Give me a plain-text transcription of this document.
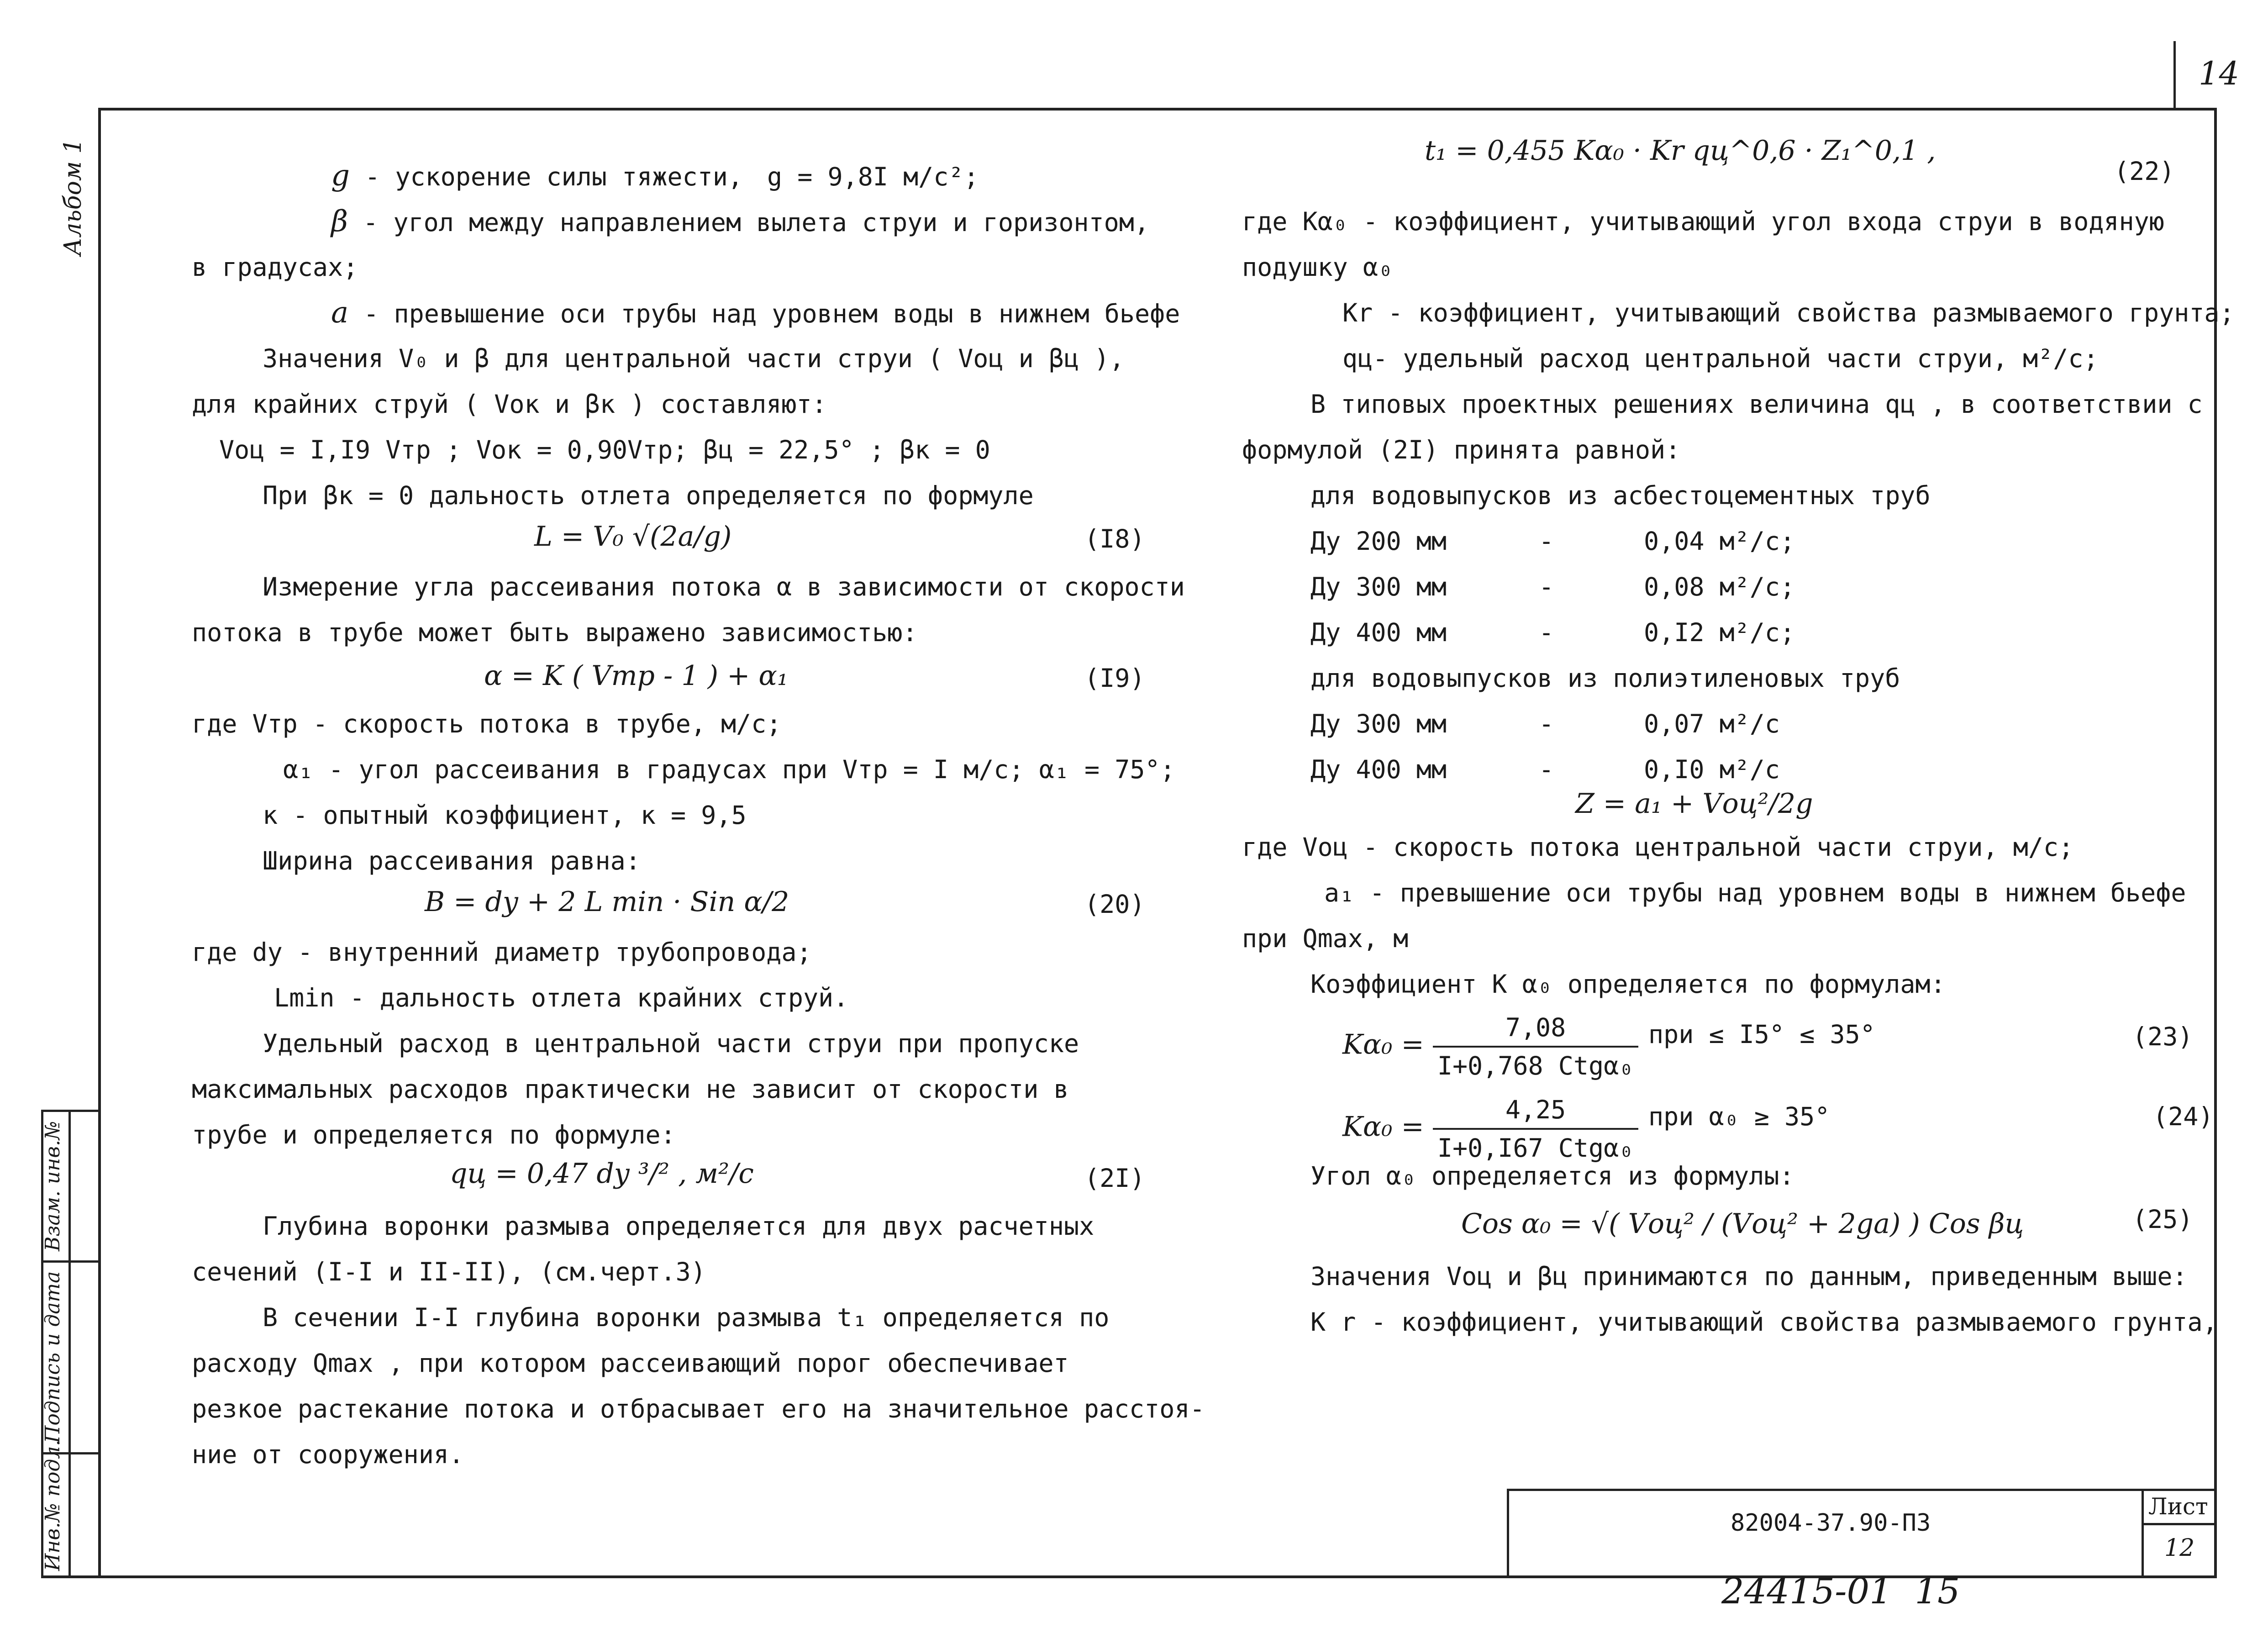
14
Альбом 1
Взам. инв.№
Подпись и дата
Инв.№ подл.	82004-37.90-ПЗ
Лист
12
24415-01  15
g - ускорение силы тяжести, g = 9,8I м/с²;
β - угол между направлением вылета струи и горизонтом,
в градусах;
a - превышение оси трубы над уровнем воды в нижнем бьефе
Значения V₀ и β для центральной части струи ( Vоц и βц ),
для крайних струй ( Vок и βк ) составляют:
Vоц = I,I9 Vтр ; Vок = 0,90Vтр; βц = 22,5° ; βк = 0
При βк = 0 дальность отлета определяется по формуле
L = V₀ √(2a/g)	(I8)
Измерение угла рассеивания потока α в зависимости от скорости
потока в трубе может быть выражено зависимостью:
α = K ( Vтр - 1 ) + α₁	(I9)
где Vтр - скорость потока в трубе, м/с;
α₁ - угол рассеивания в градусах при Vтр = I м/с; α₁ = 75°;
к - опытный коэффициент, к = 9,5
Ширина рассеивания равна:
B = dy + 2 L min · Sin α/2	(20)
где dy - внутренний диаметр трубопровода;
Lmin - дальность отлета крайних струй.
Удельный расход в центральной части струи при пропуске
максимальных расходов практически не зависит от скорости в
трубе и определяется по формуле:
qц = 0,47 dy ³/² , м²/с	(2I)
Глубина воронки размыва определяется для двух расчетных
сечений (I-I и II-II), (см.черт.3)
В сечении I-I глубина воронки размыва t₁ определяется по
расходу Qmax , при котором рассеивающий порог обеспечивает
резкое растекание потока и отбрасывает его на значительное расстоя-
ние от сооружения.
t₁ = 0,455 Kα₀ · Kr qц^0,6 · Z₁^0,1 ,
(22)
где Kα₀ - коэффициент, учитывающий угол входа струи в водяную
подушку α₀
Kr - коэффициент, учитывающий свойства размываемого грунта;
qц- удельный расход центральной части струи, м²/с;
В типовых проектных решениях величина qц , в соответствии с
формулой (2I) принята равной:
для водовыпусков из асбестоцементных труб
Ду 200 мм	-	0,04 м²/с;
Ду 300 мм	-	0,08 м²/с;
Ду 400 мм	-	0,I2 м²/с;
для водовыпусков из полиэтиленовых труб
Ду 300 мм	-	0,07 м²/с
Ду 400 мм	-	0,I0 м²/с
Z = a₁ + Vоц²/2g
где Vоц - скорость потока центральной части струи, м/с;
a₁ - превышение оси трубы над уровнем воды в нижнем бьефе
при Qmax, м
Коэффициент К α₀ определяется по формулам:
$K\alpha_0 = \frac{7,08}{\text{I+0,768 Ctgα₀}}$ при ≤ I5° ≤ 35°	(23)
$K\alpha_0 = \frac{4,25}{\text{I+0,I67 Ctgα₀}}$ при α₀ ≥ 35°	(24)
Угол α₀ определяется из формулы:
Cos α₀ = √( Vоц² / (Vоц² + 2ga) ) Cos βц	(25)
Значения Vоц и βц принимаются по данным, приведенным выше:
К r - коэффициент, учитывающий свойства размываемого грунта,
